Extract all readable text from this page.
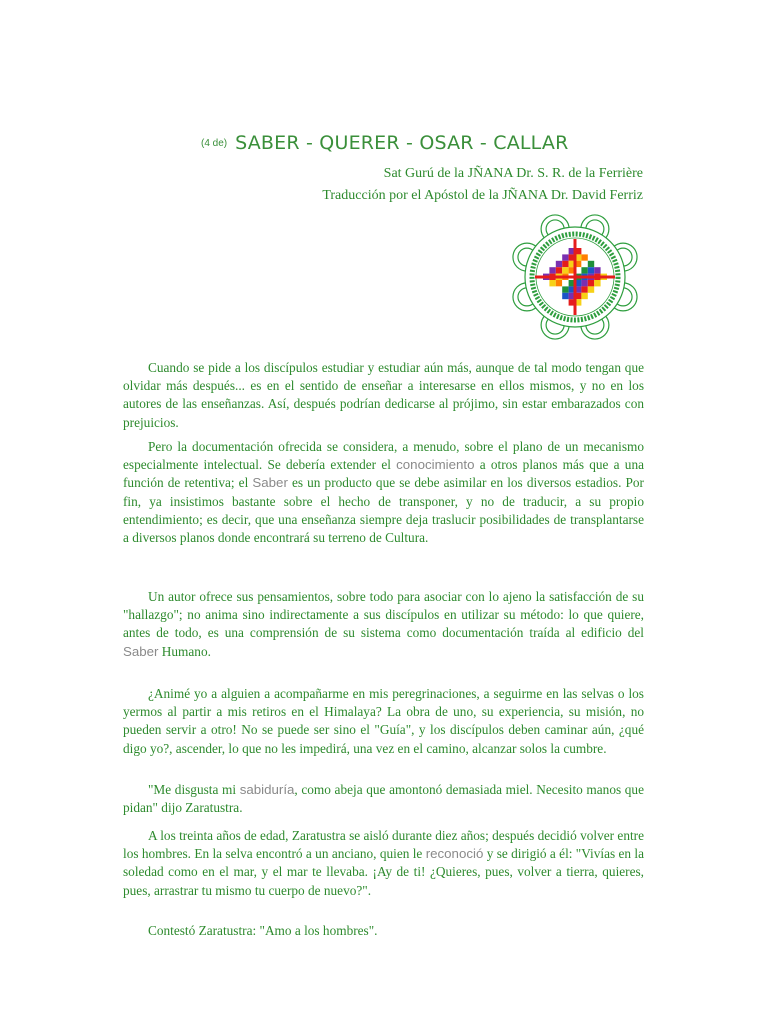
(4 de) SABER - QUERER - OSAR - CALLAR
Sat Gurú de la JÑANA Dr. S. R. de la Ferrière
Traducción por el Apóstol de la JÑANA Dr. David Ferriz

Cuando se pide a los discípulos estudiar y estudiar aún más, aunque de tal modo tengan que olvidar más después... es en el sentido de enseñar a interesarse en ellos mismos, y no en los autores de las enseñanzas. Así, después podrían dedicarse al prójimo, sin estar embarazados con prejuicios.

Pero la documentación ofrecida se considera, a menudo, sobre el plano de un mecanismo especialmente intelectual. Se debería extender el conocimiento a otros planos más que a una función de retentiva; el Saber es un producto que se debe asimilar en los diversos estadios. Por fin, ya insistimos bastante sobre el hecho de transponer, y no de traducir, a su propio entendimiento; es decir, que una enseñanza siempre deja traslucir posibilidades de transplantarse a diversos planos donde encontrará su terreno de Cultura.

Un autor ofrece sus pensamientos, sobre todo para asociar con lo ajeno la satisfacción de su "hallazgo"; no anima sino indirectamente a sus discípulos en utilizar su método: lo que quiere, antes de todo, es una comprensión de su sistema como documentación traída al edificio del Saber Humano.

¿Animé yo a alguien a acompañarme en mis peregrinaciones, a seguirme en las selvas o los yermos al partir a mis retiros en el Himalaya? La obra de uno, su experiencia, su misión, no pueden servir a otro! No se puede ser sino el "Guía", y los discípulos deben caminar aún, ¿qué digo yo?, ascender, lo que no les impedirá, una vez en el camino, alcanzar solos la cumbre.

"Me disgusta mi sabiduría, como abeja que amontonó demasiada miel. Necesito manos que pidan" dijo Zaratustra.

A los treinta años de edad, Zaratustra se aisló durante diez años; después decidió volver entre los hombres. En la selva encontró a un anciano, quien le reconoció y se dirigió a él: "Vivías en la soledad como en el mar, y el mar te llevaba. ¡Ay de ti! ¿Quieres, pues, volver a tierra, quieres, pues, arrastrar tu mismo tu cuerpo de nuevo?".

Contestó Zaratustra: "Amo a los hombres".
